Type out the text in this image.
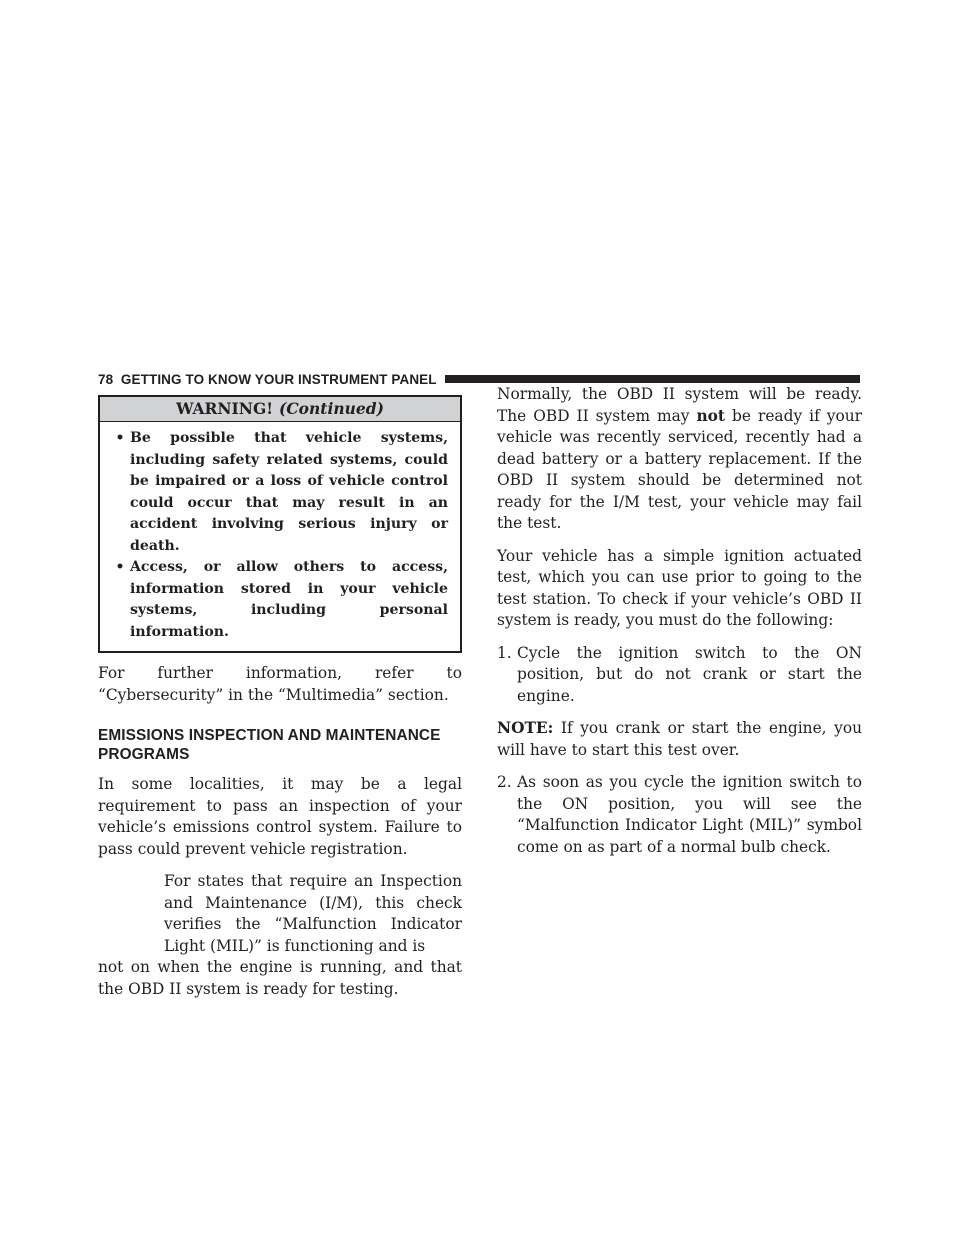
78 GETTING TO KNOW YOUR INSTRUMENT PANEL
WARNING! (Continued)
• Be possible that vehicle systems, including safety related systems, could be impaired or a loss of vehicle control could occur that may result in an accident involving serious injury or death.
• Access, or allow others to access, information stored in your vehicle systems, including personal information.

For further information, refer to “Cybersecurity” in the “Multimedia” section.

EMISSIONS INSPECTION AND MAINTENANCE
PROGRAMS

In some localities, it may be a legal requirement to pass an inspection of your vehicle’s emissions control system. Failure to pass could prevent vehicle registration.

For states that require an Inspection and Maintenance (I/M), this check verifies the “Malfunction Indicator Light (MIL)” is functioning and is

not on when the engine is running, and that the OBD II system is ready for testing.

Normally, the OBD II system will be ready. The OBD II system may not be ready if your vehicle was recently serviced, recently had a dead battery or a battery replacement. If the OBD II system should be determined not ready for the I/M test, your vehicle may fail the test.

Your vehicle has a simple ignition actuated test, which you can use prior to going to the test station. To check if your vehicle’s OBD II system is ready, you must do the following:

1. Cycle the ignition switch to the ON position, but do not crank or start the engine.

NOTE: If you crank or start the engine, you will have to start this test over.

2. As soon as you cycle the ignition switch to the ON position, you will see the “Malfunction Indicator Light (MIL)” symbol come on as part of a normal bulb check.
